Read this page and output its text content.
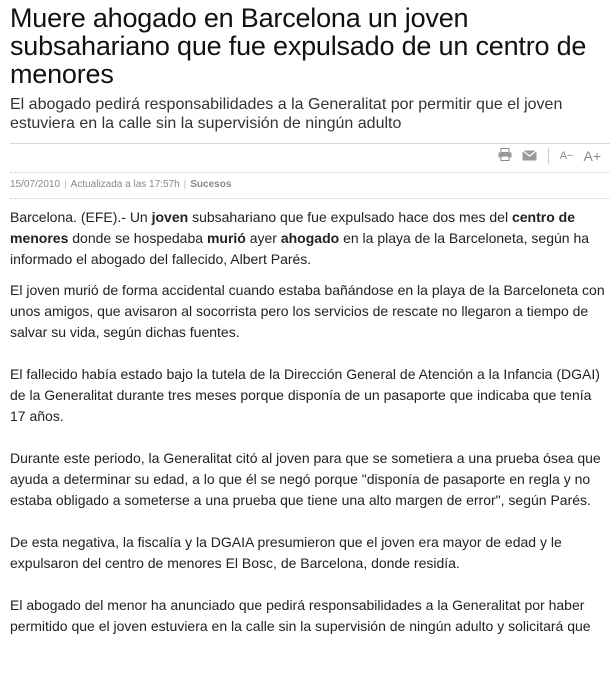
Muere ahogado en Barcelona un joven subsahariano que fue expulsado de un centro de menores

El abogado pedirá responsabilidades a la Generalitat por permitir que el joven estuviera en la calle sin la supervisión de ningún adulto

A− A+
15/07/2010 | Actualizada a las 17:57h | Sucesos

Barcelona. (EFE).- Un joven subsahariano que fue expulsado hace dos mes del centro de menores donde se hospedaba murió ayer ahogado en la playa de la Barceloneta, según ha informado el abogado del fallecido, Albert Parés.

El joven murió de forma accidental cuando estaba bañándose en la playa de la Barceloneta con unos amigos, que avisaron al socorrista pero los servicios de rescate no llegaron a tiempo de salvar su vida, según dichas fuentes.

El fallecido había estado bajo la tutela de la Dirección General de Atención a la Infancia (DGAI) de la Generalitat durante tres meses porque disponía de un pasaporte que indicaba que tenía 17 años.

Durante este periodo, la Generalitat citó al joven para que se sometiera a una prueba ósea que ayuda a determinar su edad, a lo que él se negó porque "disponía de pasaporte en regla y no estaba obligado a someterse a una prueba que tiene una alto margen de error", según Parés.

De esta negativa, la fiscalía y la DGAIA presumieron que el joven era mayor de edad y le expulsaron del centro de menores El Bosc, de Barcelona, donde residía.

El abogado del menor ha anunciado que pedirá responsabilidades a la Generalitat por haber permitido que el joven estuviera en la calle sin la supervisión de ningún adulto y solicitará que
